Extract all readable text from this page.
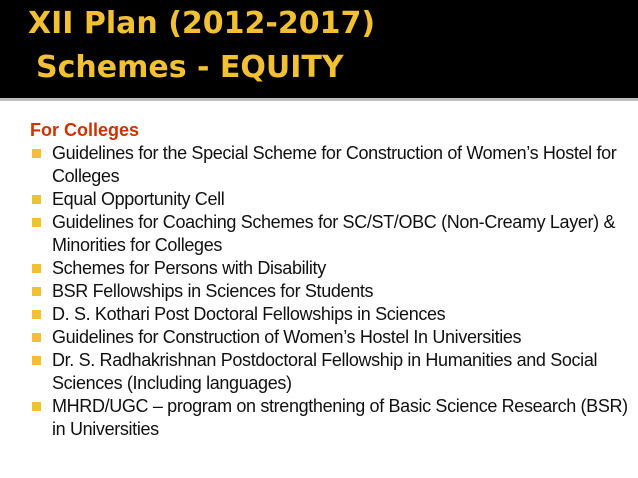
XII Plan (2012-2017)
Schemes - EQUITY
For Colleges
Guidelines for the Special Scheme for Construction of Women’s Hostel for Colleges
Equal Opportunity Cell
Guidelines for Coaching Schemes for SC/ST/OBC (Non-Creamy Layer) & Minorities for Colleges
Schemes for Persons with Disability
BSR Fellowships in Sciences for Students
D. S. Kothari Post Doctoral Fellowships in Sciences
Guidelines for Construction of Women’s Hostel In Universities
Dr. S. Radhakrishnan Postdoctoral Fellowship in Humanities and Social Sciences (Including languages)
MHRD/UGC – program on strengthening of Basic Science Research (BSR) in Universities
